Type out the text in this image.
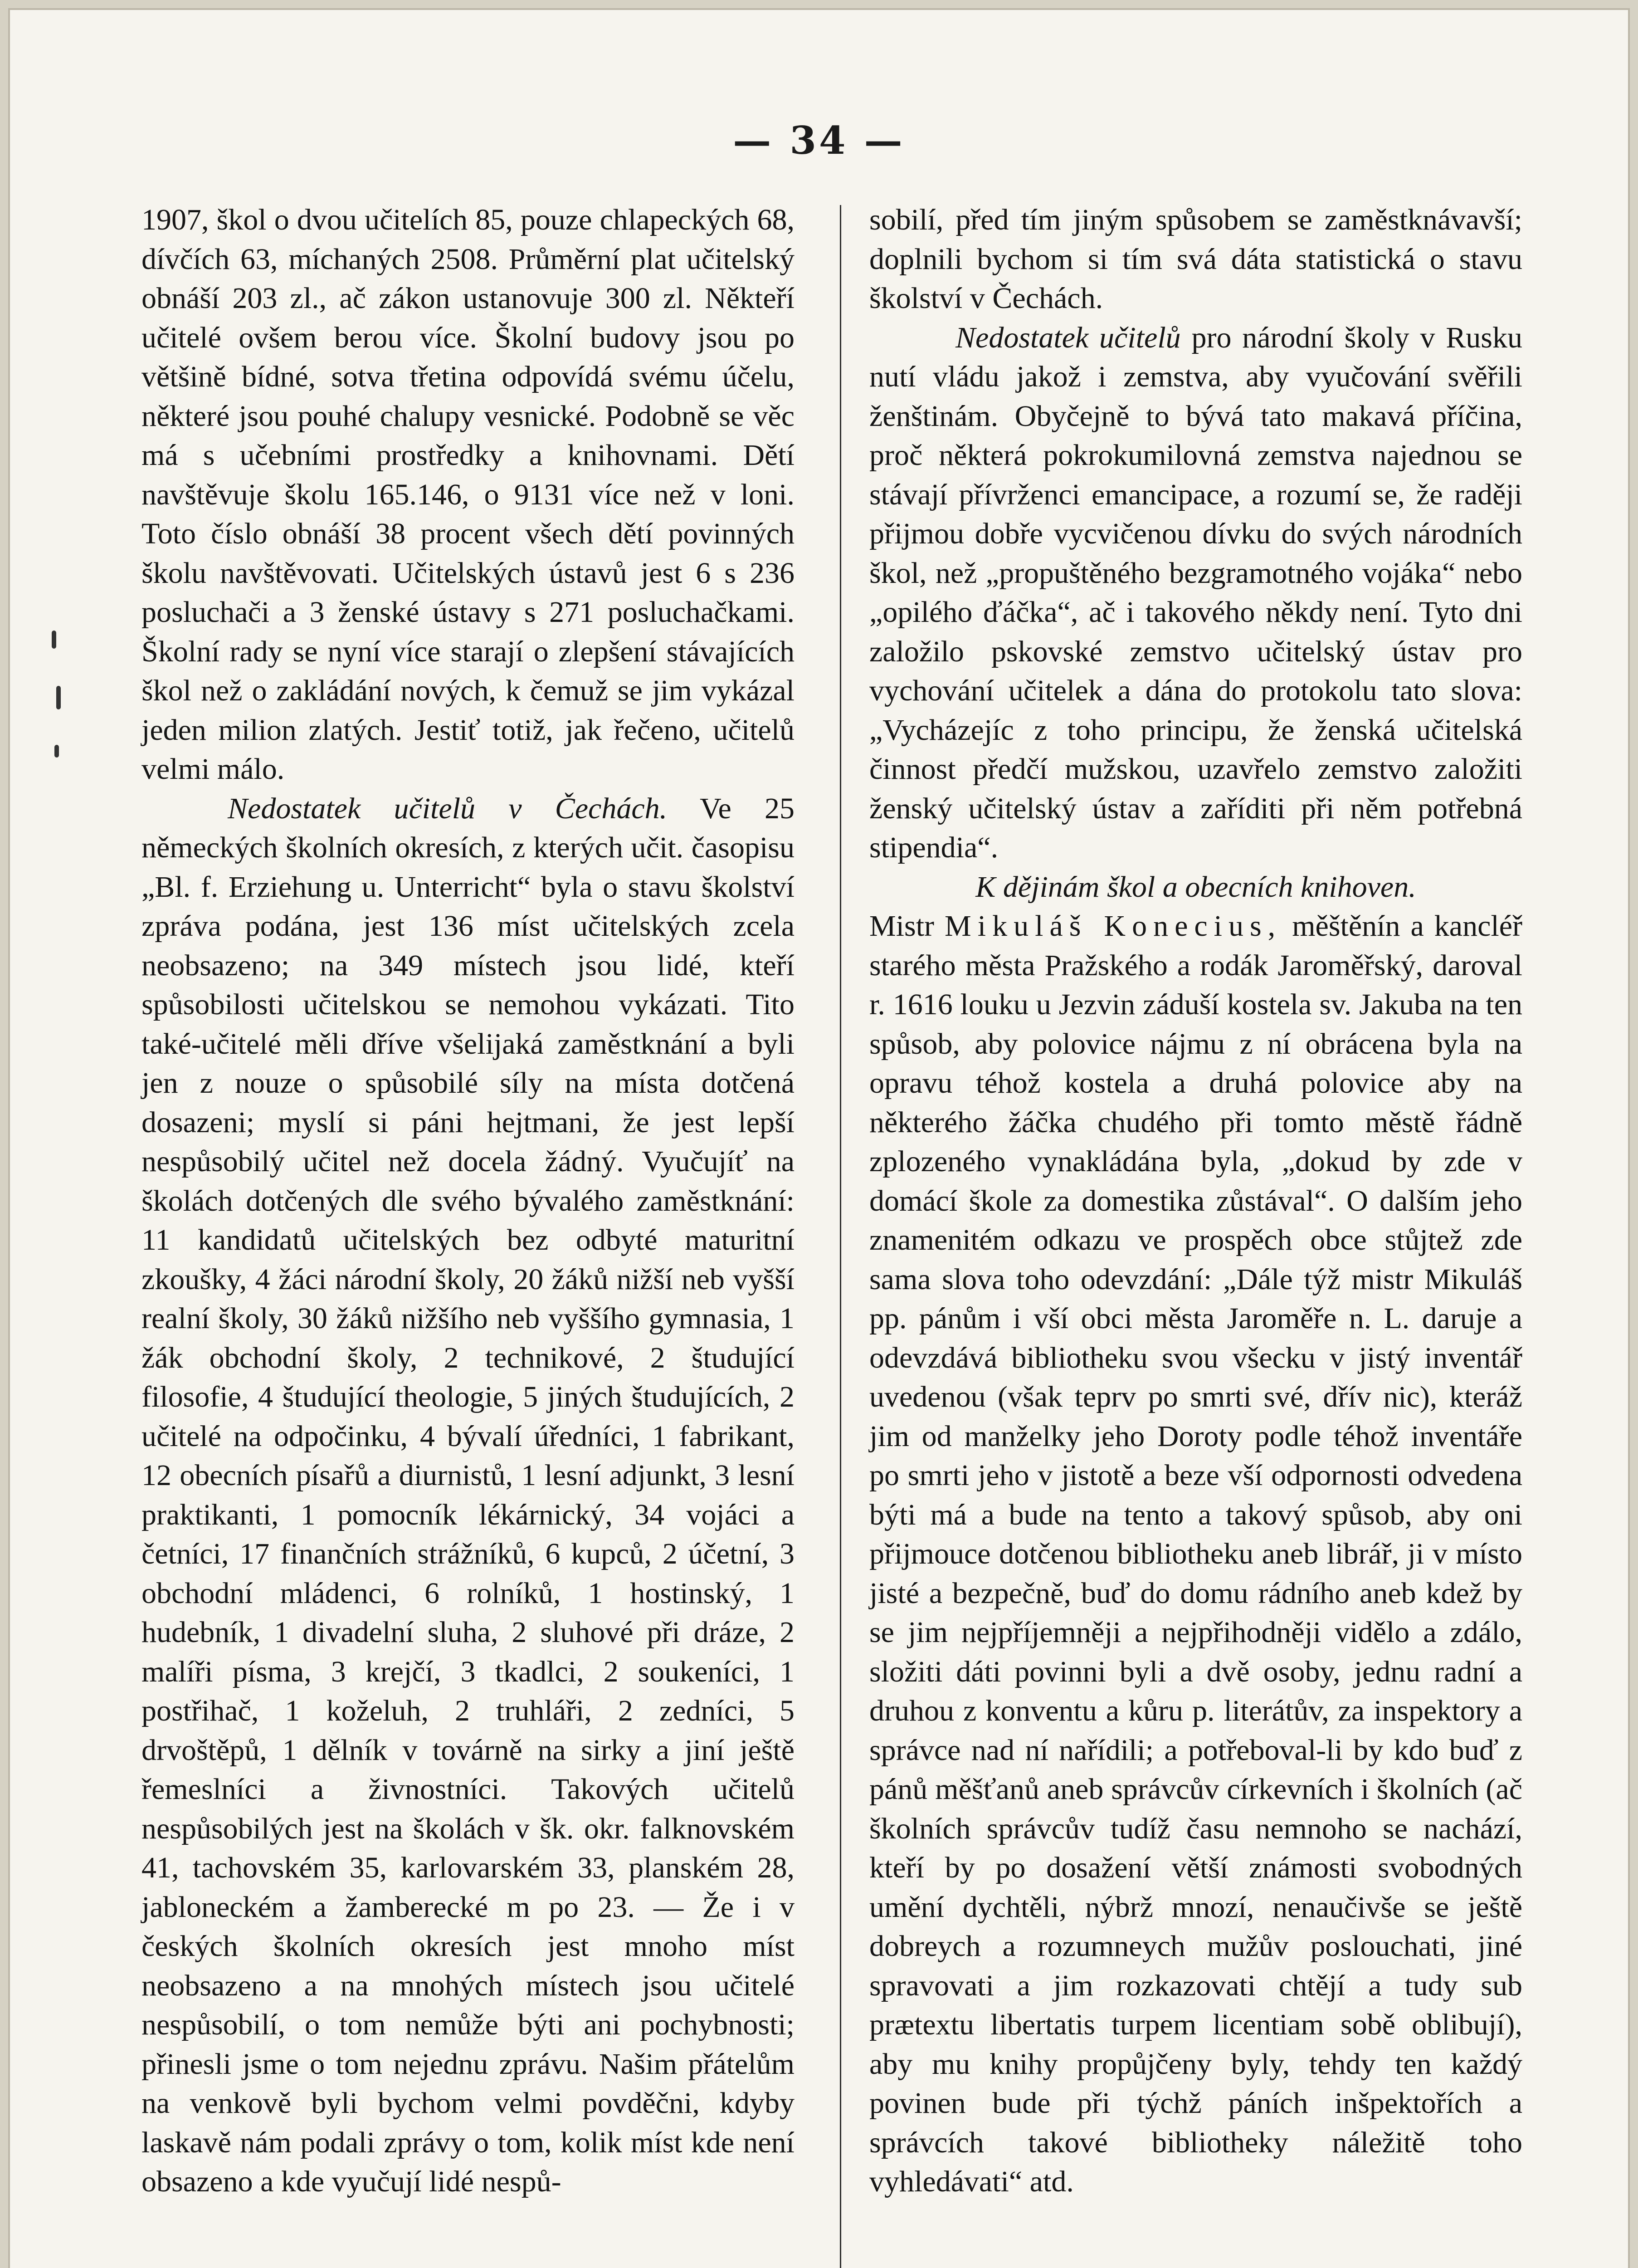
— 34 —

1907, škol o dvou učitelích 85, pouze chlapeckých 68, dívčích 63, míchaných 2508. Průměrní plat učitelský obnáší 203 zl., ač zákon ustanovuje 300 zl. Někteří učitelé ovšem berou více. Školní budovy jsou po většině bídné, sotva třetina odpovídá svému účelu, některé jsou pouhé chalupy vesnické. Podobně se věc má s učebními prostředky a knihovnami. Dětí navštěvuje školu 165.146, o 9131 více než v loni. Toto číslo obnáší 38 procent všech dětí povinných školu navštěvovati. Učitelských ústavů jest 6 s 236 posluchači a 3 ženské ústavy s 271 posluchačkami. Školní rady se nyní více starají o zlepšení stávajících škol než o zakládání nových, k čemuž se jim vykázal jeden milion zlatých. Jestiť totiž, jak řečeno, učitelů velmi málo.

Nedostatek učitelů v Čechách. Ve 25 německých školních okresích, z kterých učit. časopisu „Bl. f. Erziehung u. Unterricht“ byla o stavu školství zpráva podána, jest 136 míst učitelských zcela neobsazeno; na 349 místech jsou lidé, kteří spůsobilosti učitelskou se nemohou vykázati. Tito také-učitelé měli dříve všelijaká zaměstknání a byli jen z nouze o spůsobilé síly na místa dotčená dosazeni; myslí si páni hejtmani, že jest lepší nespůsobilý učitel než docela žádný. Vyučujíť na školách dotčených dle svého bývalého zaměstknání: 11 kandidatů učitelských bez odbyté maturitní zkoušky, 4 žáci národní školy, 20 žáků nižší neb vyšší realní školy, 30 žáků nižšího neb vyššího gymnasia, 1 žák obchodní školy, 2 technikové, 2 študující filosofie, 4 študující theologie, 5 jiných študujících, 2 učitelé na odpočinku, 4 bývalí úředníci, 1 fabrikant, 12 obecních písařů a diurnistů, 1 lesní adjunkt, 3 lesní praktikanti, 1 pomocník lékárnický, 34 vojáci a četníci, 17 finančních strážníků, 6 kupců, 2 účetní, 3 obchodní mládenci, 6 rolníků, 1 hostinský, 1 hudebník, 1 divadelní sluha, 2 sluhové při dráze, 2 malíři písma, 3 krejčí, 3 tkadlci, 2 soukeníci, 1 postřihač, 1 koželuh, 2 truhláři, 2 zedníci, 5 drvoštěpů, 1 dělník v továrně na sirky a jiní ještě řemeslníci a živnostníci. Takových učitelů nespůsobilých jest na školách v šk. okr. falknovském 41, tachovském 35, karlovarském 33, planském 28, jabloneckém a žamberecké m po 23. — Že i v českých školních okresích jest mnoho míst neobsazeno a na mnohých místech jsou učitelé nespůsobilí, o tom nemůže býti ani pochybnosti; přinesli jsme o tom nejednu zprávu. Našim přátelům na venkově byli bychom velmi povděčni, kdyby laskavě nám podali zprávy o tom, kolik míst kde není obsazeno a kde vyučují lidé nespů-

sobilí, před tím jiným spůsobem se zaměstknávavší; doplnili bychom si tím svá dáta statistická o stavu školství v Čechách.

Nedostatek učitelů pro národní školy v Rusku nutí vládu jakož i zemstva, aby vyučování svěřili ženštinám. Obyčejně to bývá tato makavá příčina, proč některá pokrokumilovná zemstva najednou se stávají přívrženci emancipace, a rozumí se, že raději přijmou dobře vycvičenou dívku do svých národních škol, než „propuštěného bezgramotného vojáka“ nebo „opilého ďáčka“, ač i takového někdy není. Tyto dni založilo pskovské zemstvo učitelský ústav pro vychování učitelek a dána do protokolu tato slova: „Vycházejíc z toho principu, že ženská učitelská činnost předčí mužskou, uzavřelo zemstvo založiti ženský učitelský ústav a zaříditi při něm potřebná stipendia“.

K dějinám škol a obecních knihoven.

Mistr Mikuláš Konecius, měštěnín a kancléř starého města Pražského a rodák Jaroměřský, daroval r. 1616 louku u Jezvin záduší kostela sv. Jakuba na ten spůsob, aby polovice nájmu z ní obrácena byla na opravu téhož kostela a druhá polovice aby na některého žáčka chudého při tomto městě řádně zplozeného vynakládána byla, „dokud by zde v domácí škole za domestika zůstával“. O dalším jeho znamenitém odkazu ve prospěch obce stůjtež zde sama slova toho odevzdání: „Dále týž mistr Mikuláš pp. pánům i vší obci města Jaroměře n. L. daruje a odevzdává bibliotheku svou všecku v jistý inventář uvedenou (však teprv po smrti své, dřív nic), kteráž jim od manželky jeho Doroty podle téhož inventáře po smrti jeho v jistotě a beze vší odpornosti odvedena býti má a bude na tento a takový spůsob, aby oni přijmouce dotčenou bibliotheku aneb librář, ji v místo jisté a bezpečně, buď do domu rádního aneb kdež by se jim nejpříjemněji a nejpřihodněji vidělo a zdálo, složiti dáti povinni byli a dvě osoby, jednu radní a druhou z konventu a kůru p. literátův, za inspektory a správce nad ní nařídili; a potřeboval-li by kdo buď z pánů měšťanů aneb správcův církevních i školních (ač školních správcův tudíž času nemnoho se nachází, kteří by po dosažení větší známosti svobodných umění dychtěli, nýbrž mnozí, nenaučivše se ještě dobreych a rozumneych mužův poslouchati, jiné spravovati a jim rozkazovati chtějí a tudy sub prætextu libertatis turpem licentiam sobě oblibují), aby mu knihy propůjčeny byly, tehdy ten každý povinen bude při týchž páních inšpektořích a správcích takové bibliotheky náležitě toho vyhledávati“ atd.
